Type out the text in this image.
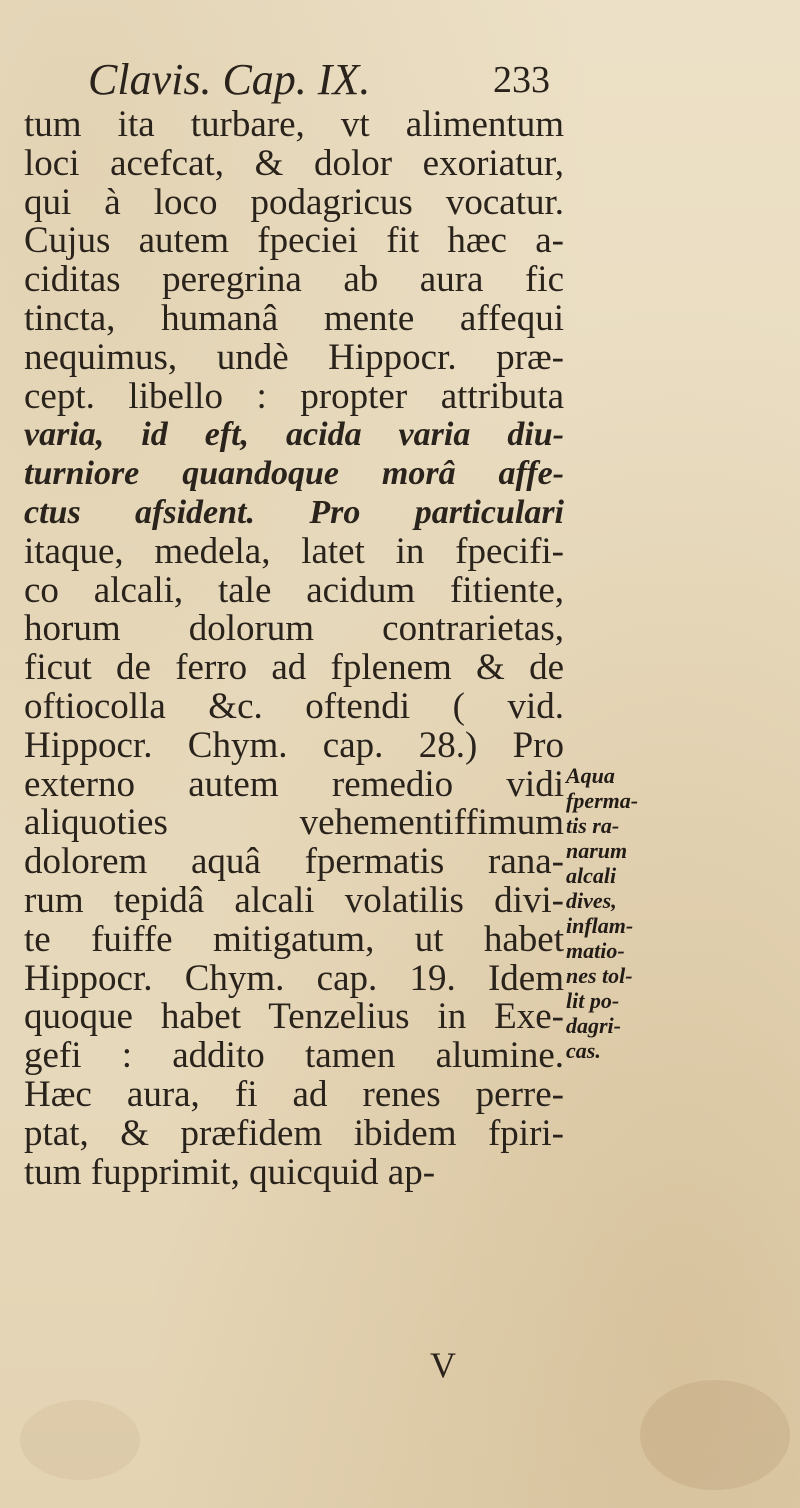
Clavis. Cap. IX.	233
tum ita turbare, vt alimentum
loci acefcat, & dolor exoriatur,
qui à loco podagricus vocatur.
Cujus autem fpeciei fit hæc a-
ciditas peregrina ab aura fic
tincta, humanâ mente affequi
nequimus, undè Hippocr. præ-
cept. libello : propter attributa
varia, id eft, acida varia diu-
turniore quandoque morâ affe-
ctus afsident. Pro particulari
itaque, medela, latet in fpecifi-
co alcali, tale acidum fitiente,
horum dolorum contrarietas,
ficut de ferro ad fplenem & de
oftiocolla &c. oftendi ( vid.
Hippocr. Chym. cap. 28.) Pro
externo autem remedio vidi
aliquoties vehementiffimum
dolorem aquâ fpermatis rana-
rum tepidâ alcali volatilis divi-
te fuiffe mitigatum, ut habet
Hippocr. Chym. cap. 19. Idem
quoque habet Tenzelius in Exe-
gefi : addito tamen alumine.
Hæc aura, fi ad renes perre-
ptat, & præfidem ibidem fpiri-
tum fupprimit, quicquid ap-
Aqua
fperma-
tis ra-
narum
alcali
dives,
inflam-
matio-
nes tol-
lit po-
dagri-
cas.
V
